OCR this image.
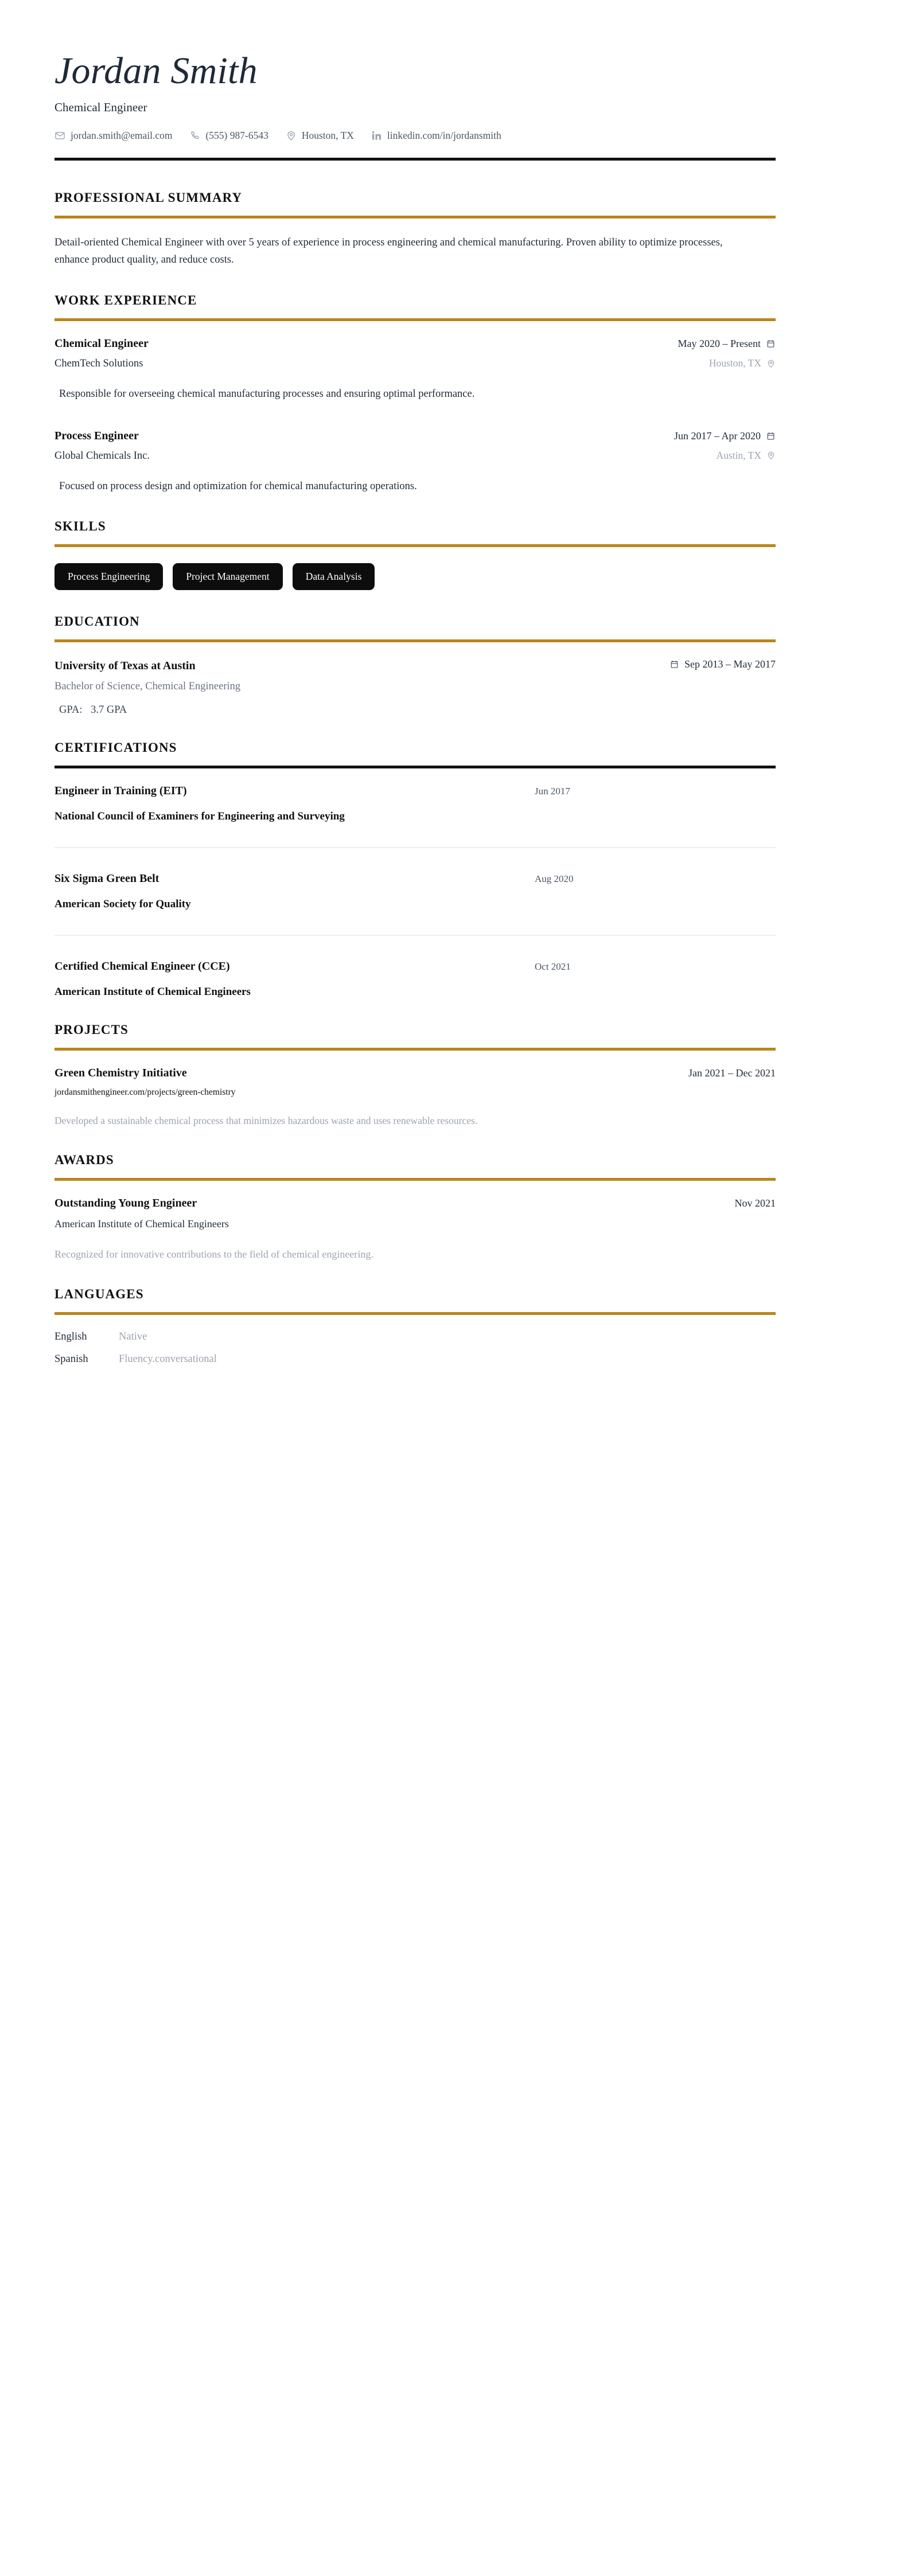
Jordan Smith
Chemical Engineer
jordan.smith@email.com	(555) 987-6543	Houston, TX	linkedin.com/in/jordansmith
PROFESSIONAL SUMMARY
Detail-oriented Chemical Engineer with over 5 years of experience in process engineering and chemical manufacturing. Proven ability to optimize processes, enhance product quality, and reduce costs.
WORK EXPERIENCE
Chemical Engineer	May 2020 – Present
ChemTech Solutions	Houston, TX
Responsible for overseeing chemical manufacturing processes and ensuring optimal performance.
Process Engineer	Jun 2017 – Apr 2020
Global Chemicals Inc.	Austin, TX
Focused on process design and optimization for chemical manufacturing operations.
SKILLS
Process Engineering	Project Management	Data Analysis
EDUCATION
University of Texas at Austin	Sep 2013 – May 2017
Bachelor of Science, Chemical Engineering
GPA: 3.7 GPA
CERTIFICATIONS
Engineer in Training (EIT)	Jun 2017
National Council of Examiners for Engineering and Surveying
Six Sigma Green Belt	Aug 2020
American Society for Quality
Certified Chemical Engineer (CCE)	Oct 2021
American Institute of Chemical Engineers
PROJECTS
Green Chemistry Initiative	Jan 2021 – Dec 2021
jordansmithengineer.com/projects/green-chemistry
Developed a sustainable chemical process that minimizes hazardous waste and uses renewable resources.
AWARDS
Outstanding Young Engineer	Nov 2021
American Institute of Chemical Engineers
Recognized for innovative contributions to the field of chemical engineering.
LANGUAGES
English	Native
Spanish	Fluency.conversational
